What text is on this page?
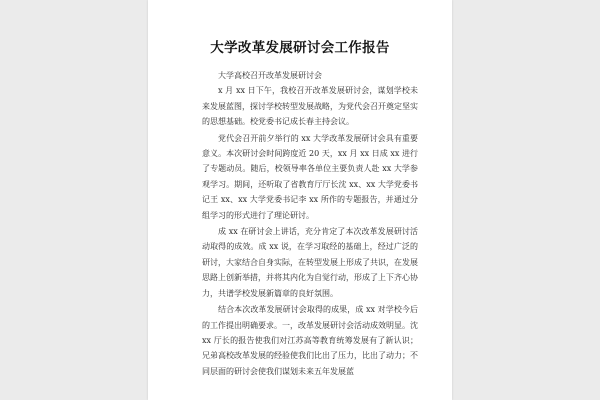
大学改革发展研讨会工作报告

大学高校召开改革发展研讨会

x 月 xx 日下午，我校召开改革发展研讨会，谋划学校未来发展蓝图，探讨学校转型发展战略，为党代会召开奠定坚实的思想基础。校党委书记成长春主持会议。

党代会召开前夕举行的 xx 大学改革发展研讨会具有重要意义。本次研讨会时间跨度近 20 天，xx 月 xx 日成 xx 进行了专题动员。随后，校领导率各单位主要负责人赴 xx 大学参观学习。期间，还听取了省教育厅厅长沈 xx、xx 大学党委书记王 xx、xx 大学党委书记李 xx 所作的专题报告，并通过分组学习的形式进行了理论研讨。

成 xx 在研讨会上讲话，充分肯定了本次改革发展研讨活动取得的成效。成 xx 说，在学习取经的基础上，经过广泛的研讨，大家结合自身实际，在转型发展上形成了共识，在发展思路上创新举措，并将其内化为自觉行动，形成了上下齐心协力，共谱学校发展新篇章的良好氛围。

结合本次改革发展研讨会取得的成果，成 xx 对学校今后的工作提出明确要求。一，改革发展研讨会活动成效明显。沈 xx 厅长的报告使我们对江苏高等教育统筹发展有了新认识；兄弟高校改革发展的经验使我们比出了压力，比出了动力；不同层面的研讨会使我们谋划未来五年发展蓝
